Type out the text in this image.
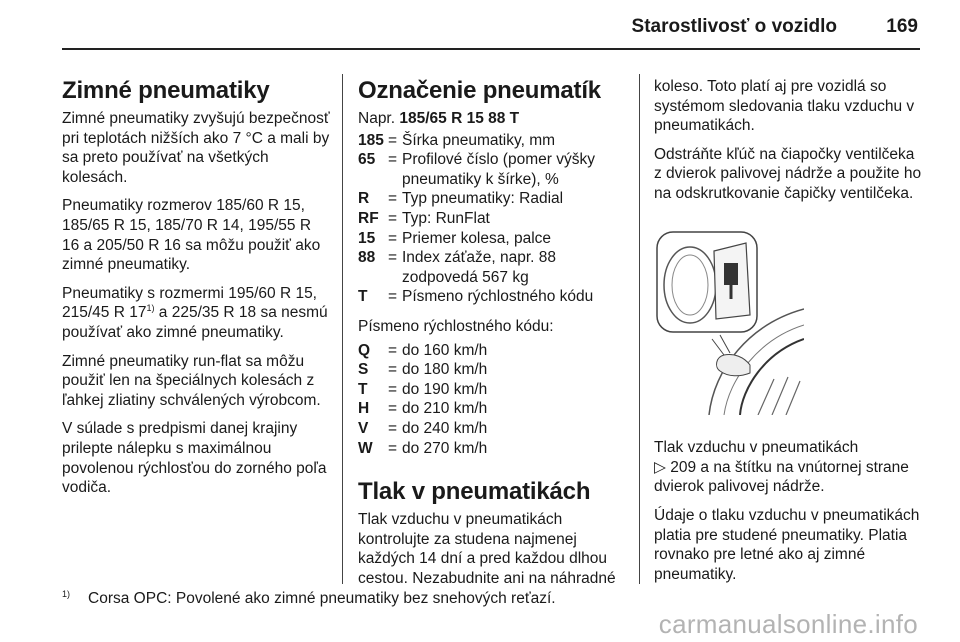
Starostlivosť o vozidlo	169
Zimné pneumatiky

Zimné pneumatiky zvyšujú bezpečnosť pri teplotách nižších ako 7 °C a mali by sa preto používať na všetkých kolesách.

Pneumatiky rozmerov 185/60 R 15, 185/65 R 15, 185/70 R 14, 195/55 R 16 a 205/50 R 16 sa môžu použiť ako zimné pneumatiky.

Pneumatiky s rozmermi 195/60 R 15, 215/45 R 17$^{1)}$ a 225/35 R 18 sa nesmú používať ako zimné pneumatiky.

Zimné pneumatiky run-flat sa môžu použiť len na špeciálnych kolesách z ľahkej zliatiny schválených výrobcom.

V súlade s predpismi danej krajiny prilepte nálepku s maximálnou povolenou rýchlosťou do zorného poľa vodiča.

Označenie pneumatík

Napr. 185/65 R 15 88 T

185 = Šírka pneumatiky, mm
65 = Profilové číslo (pomer výšky pneumatiky k šírke), %
R	= Typ pneumatiky: Radial
RF = Typ: RunFlat
15 = Priemer kolesa, palce
88 = Index záťaže, napr. 88 zodpovedá 567 kg
T	= Písmeno rýchlostného kódu

Písmeno rýchlostného kódu:

Q	= do 160 km/h
S	= do 180 km/h
T	= do 190 km/h
H	= do 210 km/h
V	= do 240 km/h
W = do 270 km/h
Tlak v pneumatikách

Tlak vzduchu v pneumatikách kontrolujte za studena najmenej každých 14 dní a pred každou dlhou cestou. Nezabudnite ani na náhradné

koleso. Toto platí aj pre vozidlá so systémom sledovania tlaku vzduchu v pneumatikách.

Odstráňte kľúč na čiapočky ventilčeka z dvierok palivovej nádrže a použite ho na odskrutkovanie čapičky ventilčeka.

Tlak vzduchu v pneumatikách
▷ 209 a na štítku na vnútornej strane dvierok palivovej nádrže.

Údaje o tlaku vzduchu v pneumatikách platia pre studené pneumatiky. Platia rovnako pre letné ako aj zimné pneumatiky.

$^{1)}$ Corsa OPC: Povolené ako zimné pneumatiky bez snehových reťazí.
carmanualsonline.info
